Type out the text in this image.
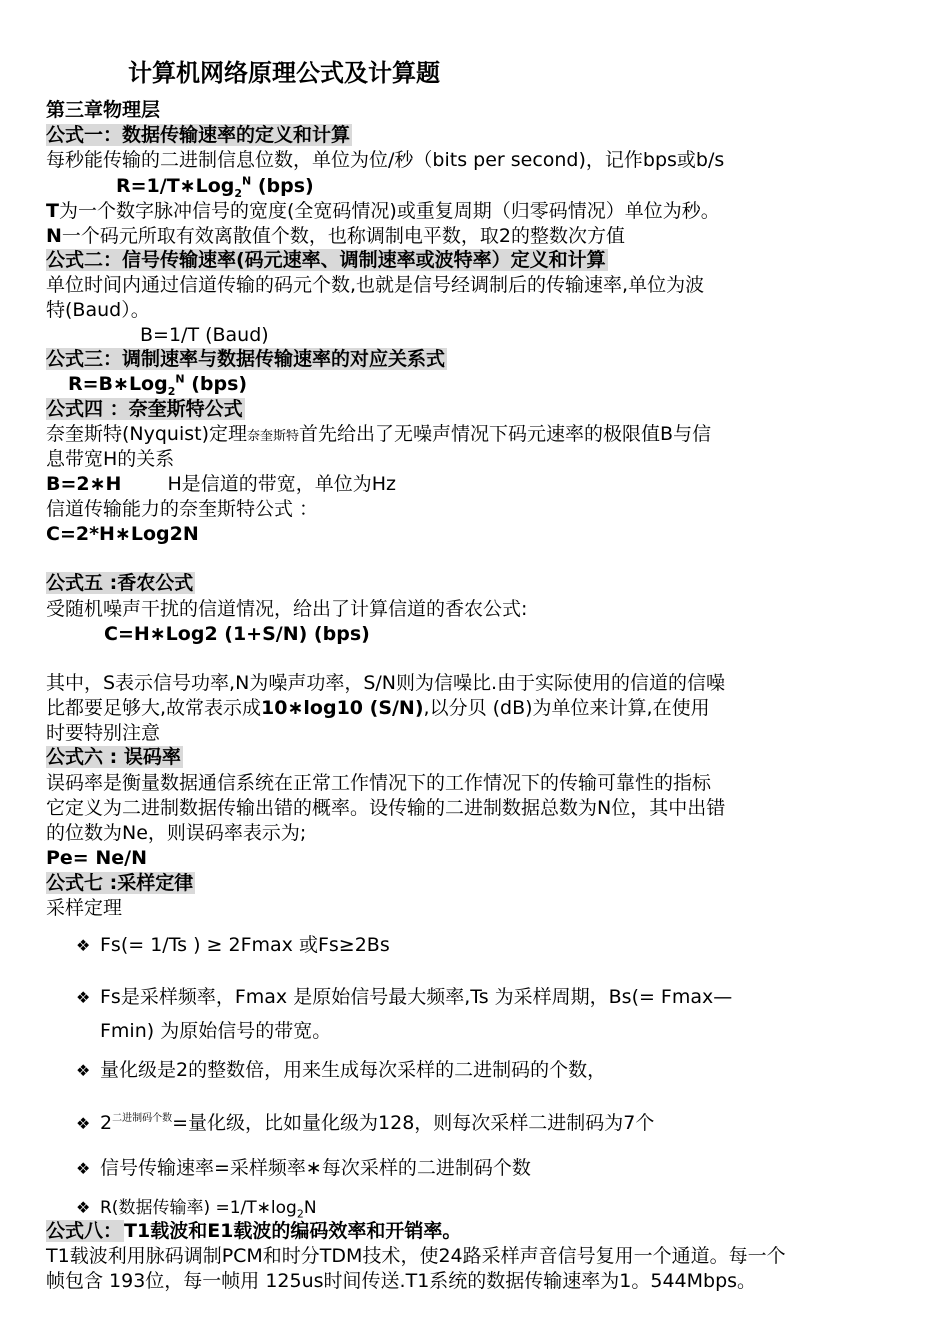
计算机网络原理公式及计算题
第三章物理层
公式一：数据传输速率的定义和计算
每秒能传输的二进制信息位数，单位为位/秒（bits per second)，记作bps或b/s
R=1/T∗Log$_2^N$ (bps)
T为一个数字脉冲信号的宽度(全宽码情况)或重复周期（归零码情况）单位为秒。
N一个码元所取有效离散值个数，也称调制电平数，取2的整数次方值
公式二：信号传输速率(码元速率、调制速率或波特率）定义和计算
单位时间内通过信道传输的码元个数,也就是信号经调制后的传输速率,单位为波
特(Baud）。
B=1/T (Baud)
公式三：调制速率与数据传输速率的对应关系式
R=B∗Log$_2^N$ (bps)
公式四 ：奈奎斯特公式
奈奎斯特(Nyquist)定理奈奎斯特首先给出了无噪声情况下码元速率的极限值B与信
息带宽H的关系
B=2∗H H是信道的带宽，单位为Hz
信道传输能力的奈奎斯特公式 ：
C=2*H∗Log2N
公式五 :香农公式
受随机噪声干扰的信道情况，给出了计算信道的香农公式:
C=H∗Log2 (1+S/N) (bps)
其中，S表示信号功率,N为噪声功率，S/N则为信噪比.由于实际使用的信道的信噪
比都要足够大,故常表示成10∗log10 (S/N),以分贝 (dB)为单位来计算,在使用
时要特别注意
公式六 : 误码率
误码率是衡量数据通信系统在正常工作情况下的工作情况下的传输可靠性的指标
它定义为二进制数据传输出错的概率。设传输的二进制数据总数为N位，其中出错
的位数为Ne，则误码率表示为;
Pe= Ne/N
公式七 :采样定律
采样定理
❖ Fs(= 1/Ts ) ≥ 2Fmax 或Fs≥2Bs
❖ Fs是采样频率，Fmax 是原始信号最大频率,Ts 为采样周期，Bs(= Fmax—
Fmin) 为原始信号的带宽。
❖ 量化级是2的整数倍，用来生成每次采样的二进制码的个数，
❖ $2^{二进制码个数}=$量化级，比如量化级为128，则每次采样二进制码为7个
❖ 信号传输速率=采样频率∗每次采样的二进制码个数
❖ R(数据传输率) $=1/T∗\log_2N$
公式八： T1载波和E1载波的编码效率和开销率。
T1载波利用脉码调制PCM和时分TDM技术，使24路采样声音信号复用一个通道。每一个
帧包含 193位，每一帧用 125us时间传送.T1系统的数据传输速率为1。544Mbps。
